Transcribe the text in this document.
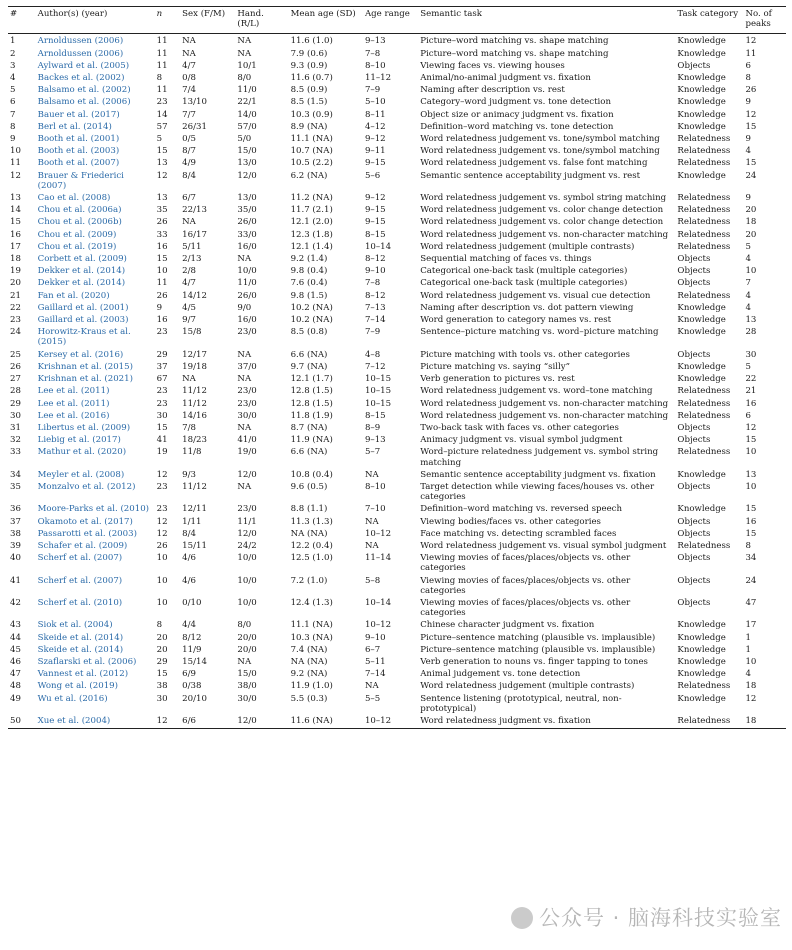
#	Author(s) (year)	n	Sex (F/M)	Hand. (R/L)	Mean age (SD)	Age range	Semantic task	Task category	No. of peaks
1	Arnoldussen (2006)	11	NA	NA	11.6 (1.0)	9–13	Picture–word matching vs. shape matching	Knowledge	12
2	Arnoldussen (2006)	11	NA	NA	7.9 (0.6)	7–8	Picture–word matching vs. shape matching	Knowledge	11
3	Aylward et al. (2005)	11	4/7	10/1	9.3 (0.9)	8–10	Viewing faces vs. viewing houses	Objects	6
4	Backes et al. (2002)	8	0/8	8/0	11.6 (0.7)	11–12	Animal/no-animal judgment vs. fixation	Knowledge	8
5	Balsamo et al. (2002)	11	7/4	11/0	8.5 (0.9)	7–9	Naming after description vs. rest	Knowledge	26
6	Balsamo et al. (2006)	23	13/10	22/1	8.5 (1.5)	5–10	Category–word judgment vs. tone detection	Knowledge	9
7	Bauer et al. (2017)	14	7/7	14/0	10.3 (0.9)	8–11	Object size or animacy judgment vs. fixation	Knowledge	12
8	Berl et al. (2014)	57	26/31	57/0	8.9 (NA)	4–12	Definition–word matching vs. tone detection	Knowledge	15
9	Booth et al. (2001)	5	0/5	5/0	11.1 (NA)	9–12	Word relatedness judgement vs. tone/symbol matching	Relatedness	9
10	Booth et al. (2003)	15	8/7	15/0	10.7 (NA)	9–11	Word relatedness judgement vs. tone/symbol matching	Relatedness	4
11	Booth et al. (2007)	13	4/9	13/0	10.5 (2.2)	9–15	Word relatedness judgement vs. false font matching	Relatedness	15
12	Brauer & Friederici (2007)	12	8/4	12/0	6.2 (NA)	5–6	Semantic sentence acceptability judgment vs. rest	Knowledge	24
13	Cao et al. (2008)	13	6/7	13/0	11.2 (NA)	9–12	Word relatedness judgement vs. symbol string matching	Relatedness	9
14	Chou et al. (2006a)	35	22/13	35/0	11.7 (2.1)	9–15	Word relatedness judgement vs. color change detection	Relatedness	20
15	Chou et al. (2006b)	26	NA	26/0	12.1 (2.0)	9–15	Word relatedness judgement vs. color change detection	Relatedness	18
16	Chou et al. (2009)	33	16/17	33/0	12.3 (1.8)	8–15	Word relatedness judgement vs. non-character matching	Relatedness	20
17	Chou et al. (2019)	16	5/11	16/0	12.1 (1.4)	10–14	Word relatedness judgement (multiple contrasts)	Relatedness	5
18	Corbett et al. (2009)	15	2/13	NA	9.2 (1.4)	8–12	Sequential matching of faces vs. things	Objects	4
19	Dekker et al. (2014)	10	2/8	10/0	9.8 (0.4)	9–10	Categorical one-back task (multiple categories)	Objects	10
20	Dekker et al. (2014)	11	4/7	11/0	7.6 (0.4)	7–8	Categorical one-back task (multiple categories)	Objects	7
21	Fan et al. (2020)	26	14/12	26/0	9.8 (1.5)	8–12	Word relatedness judgement vs. visual cue detection	Relatedness	4
22	Gaillard et al. (2001)	9	4/5	9/0	10.2 (NA)	7–13	Naming after description vs. dot pattern viewing	Knowledge	4
23	Gaillard et al. (2003)	16	9/7	16/0	10.2 (NA)	7–14	Word generation to category names vs. rest	Knowledge	13
24	Horowitz-Kraus et al. (2015)	23	15/8	23/0	8.5 (0.8)	7–9	Sentence–picture matching vs. word–picture matching	Knowledge	28
25	Kersey et al. (2016)	29	12/17	NA	6.6 (NA)	4–8	Picture matching with tools vs. other categories	Objects	30
26	Krishnan et al. (2015)	37	19/18	37/0	9.7 (NA)	7–12	Picture matching vs. saying “silly”	Knowledge	5
27	Krishnan et al. (2021)	67	NA	NA	12.1 (1.7)	10–15	Verb generation to pictures vs. rest	Knowledge	22
28	Lee et al. (2011)	23	11/12	23/0	12.8 (1.5)	10–15	Word relatedness judgement vs. word–tone matching	Relatedness	21
29	Lee et al. (2011)	23	11/12	23/0	12.8 (1.5)	10–15	Word relatedness judgement vs. non-character matching	Relatedness	16
30	Lee et al. (2016)	30	14/16	30/0	11.8 (1.9)	8–15	Word relatedness judgement vs. non-character matching	Relatedness	6
31	Libertus et al. (2009)	15	7/8	NA	8.7 (NA)	8–9	Two-back task with faces vs. other categories	Objects	12
32	Liebig et al. (2017)	41	18/23	41/0	11.9 (NA)	9–13	Animacy judgment vs. visual symbol judgment	Objects	15
33	Mathur et al. (2020)	19	11/8	19/0	6.6 (NA)	5–7	Word–picture relatedness judgement vs. symbol string matching	Relatedness	10
34	Meyler et al. (2008)	12	9/3	12/0	10.8 (0.4)	NA	Semantic sentence acceptability judgment vs. fixation	Knowledge	13
35	Monzalvo et al. (2012)	23	11/12	NA	9.6 (0.5)	8–10	Target detection while viewing faces/houses vs. other categories	Objects	10
36	Moore-Parks et al. (2010)	23	12/11	23/0	8.8 (1.1)	7–10	Definition–word matching vs. reversed speech	Knowledge	15
37	Okamoto et al. (2017)	12	1/11	11/1	11.3 (1.3)	NA	Viewing bodies/faces vs. other categories	Objects	16
38	Passarotti et al. (2003)	12	8/4	12/0	NA (NA)	10–12	Face matching vs. detecting scrambled faces	Objects	15
39	Schafer et al. (2009)	26	15/11	24/2	12.2 (0.4)	NA	Word relatedness judgement vs. visual symbol judgment	Relatedness	8
40	Scherf et al. (2007)	10	4/6	10/0	12.5 (1.0)	11–14	Viewing movies of faces/places/objects vs. other categories	Objects	34
41	Scherf et al. (2007)	10	4/6	10/0	7.2 (1.0)	5–8	Viewing movies of faces/places/objects vs. other categories	Objects	24
42	Scherf et al. (2010)	10	0/10	10/0	12.4 (1.3)	10–14	Viewing movies of faces/places/objects vs. other categories	Objects	47
43	Siok et al. (2004)	8	4/4	8/0	11.1 (NA)	10–12	Chinese character judgment vs. fixation	Knowledge	17
44	Skeide et al. (2014)	20	8/12	20/0	10.3 (NA)	9–10	Picture–sentence matching (plausible vs. implausible)	Knowledge	1
45	Skeide et al. (2014)	20	11/9	20/0	7.4 (NA)	6–7	Picture–sentence matching (plausible vs. implausible)	Knowledge	1
46	Szaflarski et al. (2006)	29	15/14	NA	NA (NA)	5–11	Verb generation to nouns vs. finger tapping to tones	Knowledge	10
47	Vannest et al. (2012)	15	6/9	15/0	9.2 (NA)	7–14	Animal judgement vs. tone detection	Knowledge	4
48	Wong et al. (2019)	38	0/38	38/0	11.9 (1.0)	NA	Word relatedness judgement (multiple contrasts)	Relatedness	18
49	Wu et al. (2016)	30	20/10	30/0	5.5 (0.3)	5–5	Sentence listening (prototypical, neutral, non-prototypical)	Knowledge	12
50	Xue et al. (2004)	12	6/6	12/0	11.6 (NA)	10–12	Word relatedness judgment vs. fixation	Relatedness	18
公众号 · 脑海科技实验室
